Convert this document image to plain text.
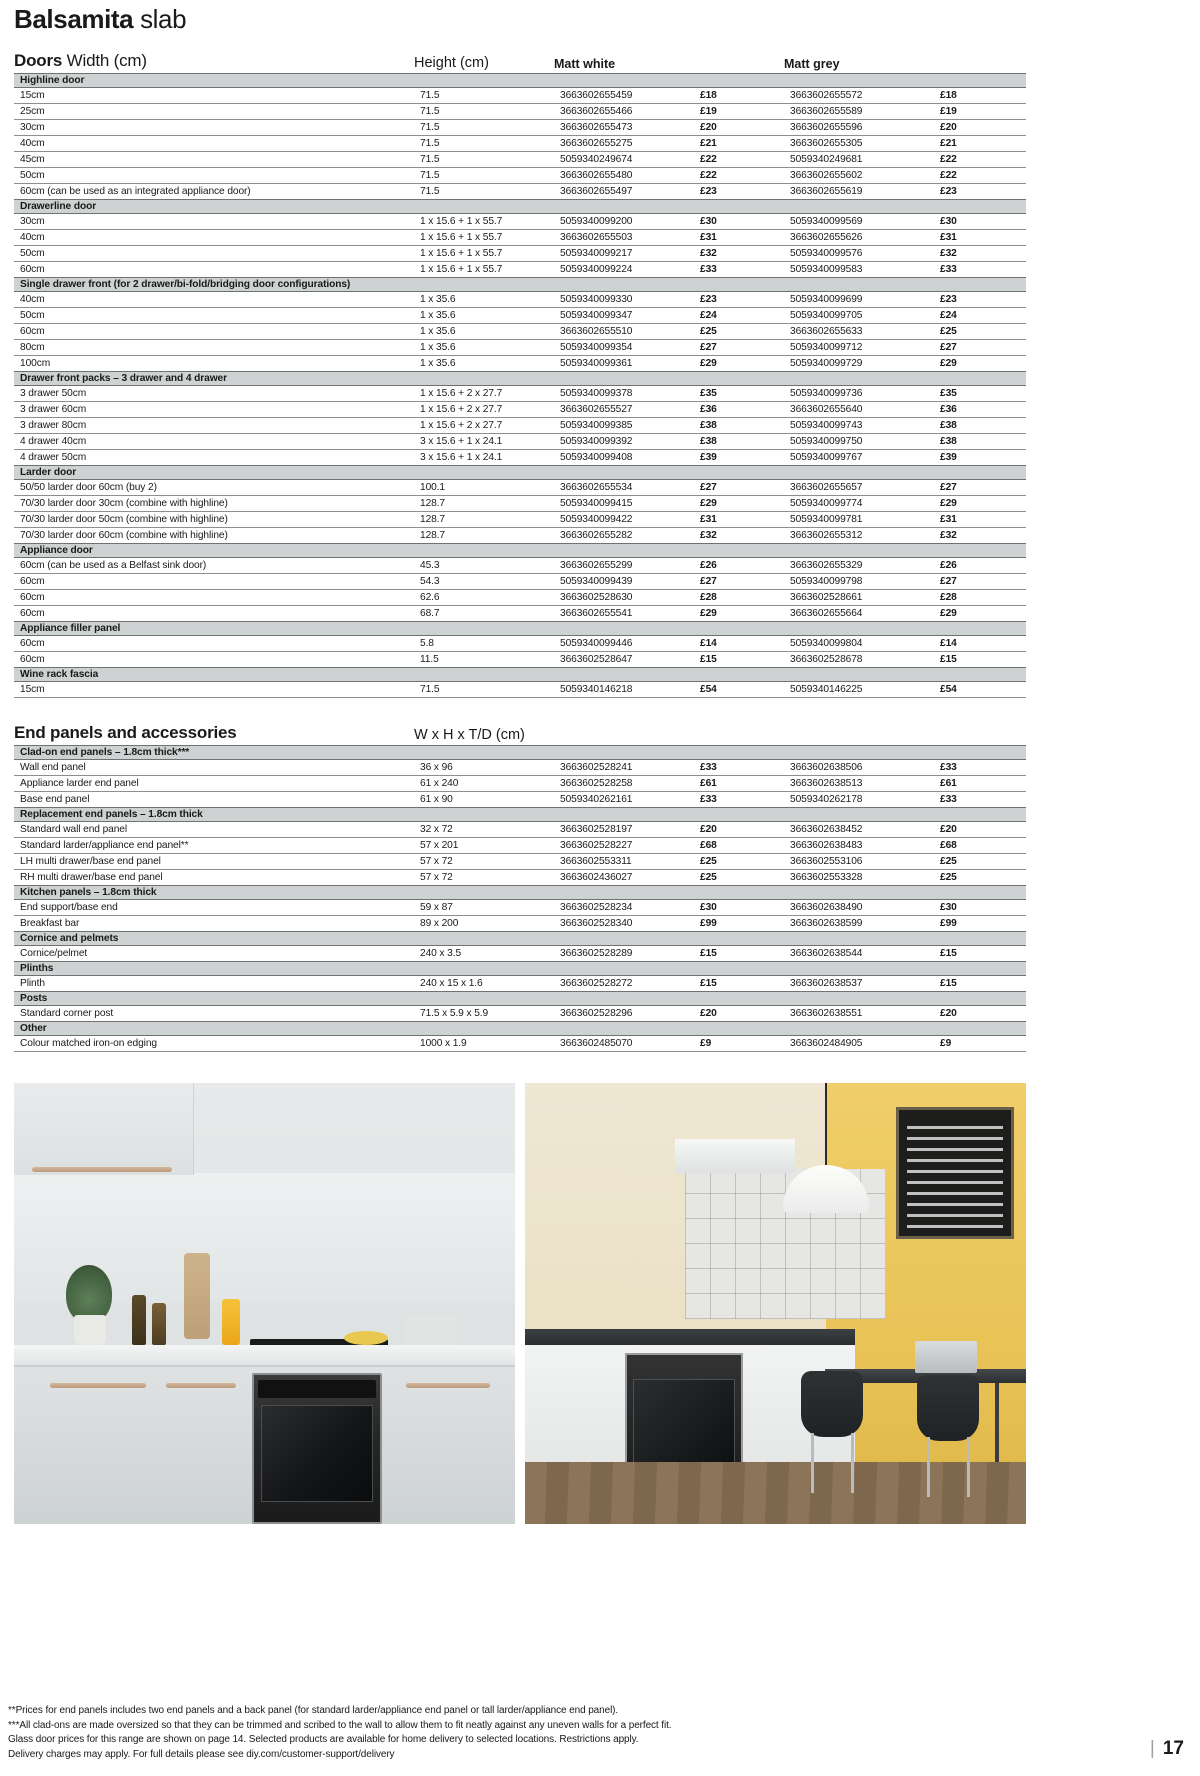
Balsamita slab
Doors Width (cm)	Height (cm)	Matt white	Matt grey
Highline door
15cm	71.5	3663602655459	£18	3663602655572	£18
25cm	71.5	3663602655466	£19	3663602655589	£19
30cm	71.5	3663602655473	£20	3663602655596	£20
40cm	71.5	3663602655275	£21	3663602655305	£21
45cm	71.5	5059340249674	£22	5059340249681	£22
50cm	71.5	3663602655480	£22	3663602655602	£22
60cm (can be used as an integrated appliance door)	71.5	3663602655497	£23	3663602655619	£23
Drawerline door
30cm	1 x 15.6 + 1 x 55.7	5059340099200	£30	5059340099569	£30
40cm	1 x 15.6 + 1 x 55.7	3663602655503	£31	3663602655626	£31
50cm	1 x 15.6 + 1 x 55.7	5059340099217	£32	5059340099576	£32
60cm	1 x 15.6 + 1 x 55.7	5059340099224	£33	5059340099583	£33
Single drawer front (for 2 drawer/bi-fold/bridging door configurations)
40cm	1 x 35.6	5059340099330	£23	5059340099699	£23
50cm	1 x 35.6	5059340099347	£24	5059340099705	£24
60cm	1 x 35.6	3663602655510	£25	3663602655633	£25
80cm	1 x 35.6	5059340099354	£27	5059340099712	£27
100cm	1 x 35.6	5059340099361	£29	5059340099729	£29
Drawer front packs – 3 drawer and 4 drawer
3 drawer 50cm	1 x 15.6 + 2 x 27.7	5059340099378	£35	5059340099736	£35
3 drawer 60cm	1 x 15.6 + 2 x 27.7	3663602655527	£36	3663602655640	£36
3 drawer 80cm	1 x 15.6 + 2 x 27.7	5059340099385	£38	5059340099743	£38
4 drawer 40cm	3 x 15.6 + 1 x 24.1	5059340099392	£38	5059340099750	£38
4 drawer 50cm	3 x 15.6 + 1 x 24.1	5059340099408	£39	5059340099767	£39
Larder door
50/50 larder door 60cm (buy 2)	100.1	3663602655534	£27	3663602655657	£27
70/30 larder door 30cm (combine with highline)	128.7	5059340099415	£29	5059340099774	£29
70/30 larder door 50cm (combine with highline)	128.7	5059340099422	£31	5059340099781	£31
70/30 larder door 60cm (combine with highline)	128.7	3663602655282	£32	3663602655312	£32
Appliance door
60cm (can be used as a Belfast sink door)	45.3	3663602655299	£26	3663602655329	£26
60cm	54.3	5059340099439	£27	5059340099798	£27
60cm	62.6	3663602528630	£28	3663602528661	£28
60cm	68.7	3663602655541	£29	3663602655664	£29
Appliance filler panel
60cm	5.8	5059340099446	£14	5059340099804	£14
60cm	11.5	3663602528647	£15	3663602528678	£15
Wine rack fascia
15cm	71.5	5059340146218	£54	5059340146225	£54
End panels and accessories	W x H x T/D (cm)
Clad-on end panels – 1.8cm thick***
Wall end panel	36 x 96	3663602528241	£33	3663602638506	£33
Appliance larder end panel	61 x 240	3663602528258	£61	3663602638513	£61
Base end panel	61 x 90	5059340262161	£33	5059340262178	£33
Replacement end panels – 1.8cm thick
Standard wall end panel	32 x 72	3663602528197	£20	3663602638452	£20
Standard larder/appliance end panel**	57 x 201	3663602528227	£68	3663602638483	£68
LH multi drawer/base end panel	57 x 72	3663602553311	£25	3663602553106	£25
RH multi drawer/base end panel	57 x 72	3663602436027	£25	3663602553328	£25
Kitchen panels – 1.8cm thick
End support/base end	59 x 87	3663602528234	£30	3663602638490	£30
Breakfast bar	89 x 200	3663602528340	£99	3663602638599	£99
Cornice and pelmets
Cornice/pelmet	240 x 3.5	3663602528289	£15	3663602638544	£15
Plinths
Plinth	240 x 15 x 1.6	3663602528272	£15	3663602638537	£15
Posts
Standard corner post	71.5 x 5.9 x 5.9	3663602528296	£20	3663602638551	£20
Other
Colour matched iron-on edging	1000 x 1.9	3663602485070	£9	3663602484905	£9
**Prices for end panels includes two end panels and a back panel (for standard larder/appliance end panel or tall larder/appliance end panel).
***All clad-ons are made oversized so that they can be trimmed and scribed to the wall to allow them to fit neatly against any uneven walls for a perfect fit.
Glass door prices for this range are shown on page 14. Selected products are available for home delivery to selected locations. Restrictions apply.
Delivery charges may apply. For full details please see diy.com/customer-support/delivery	| 17
